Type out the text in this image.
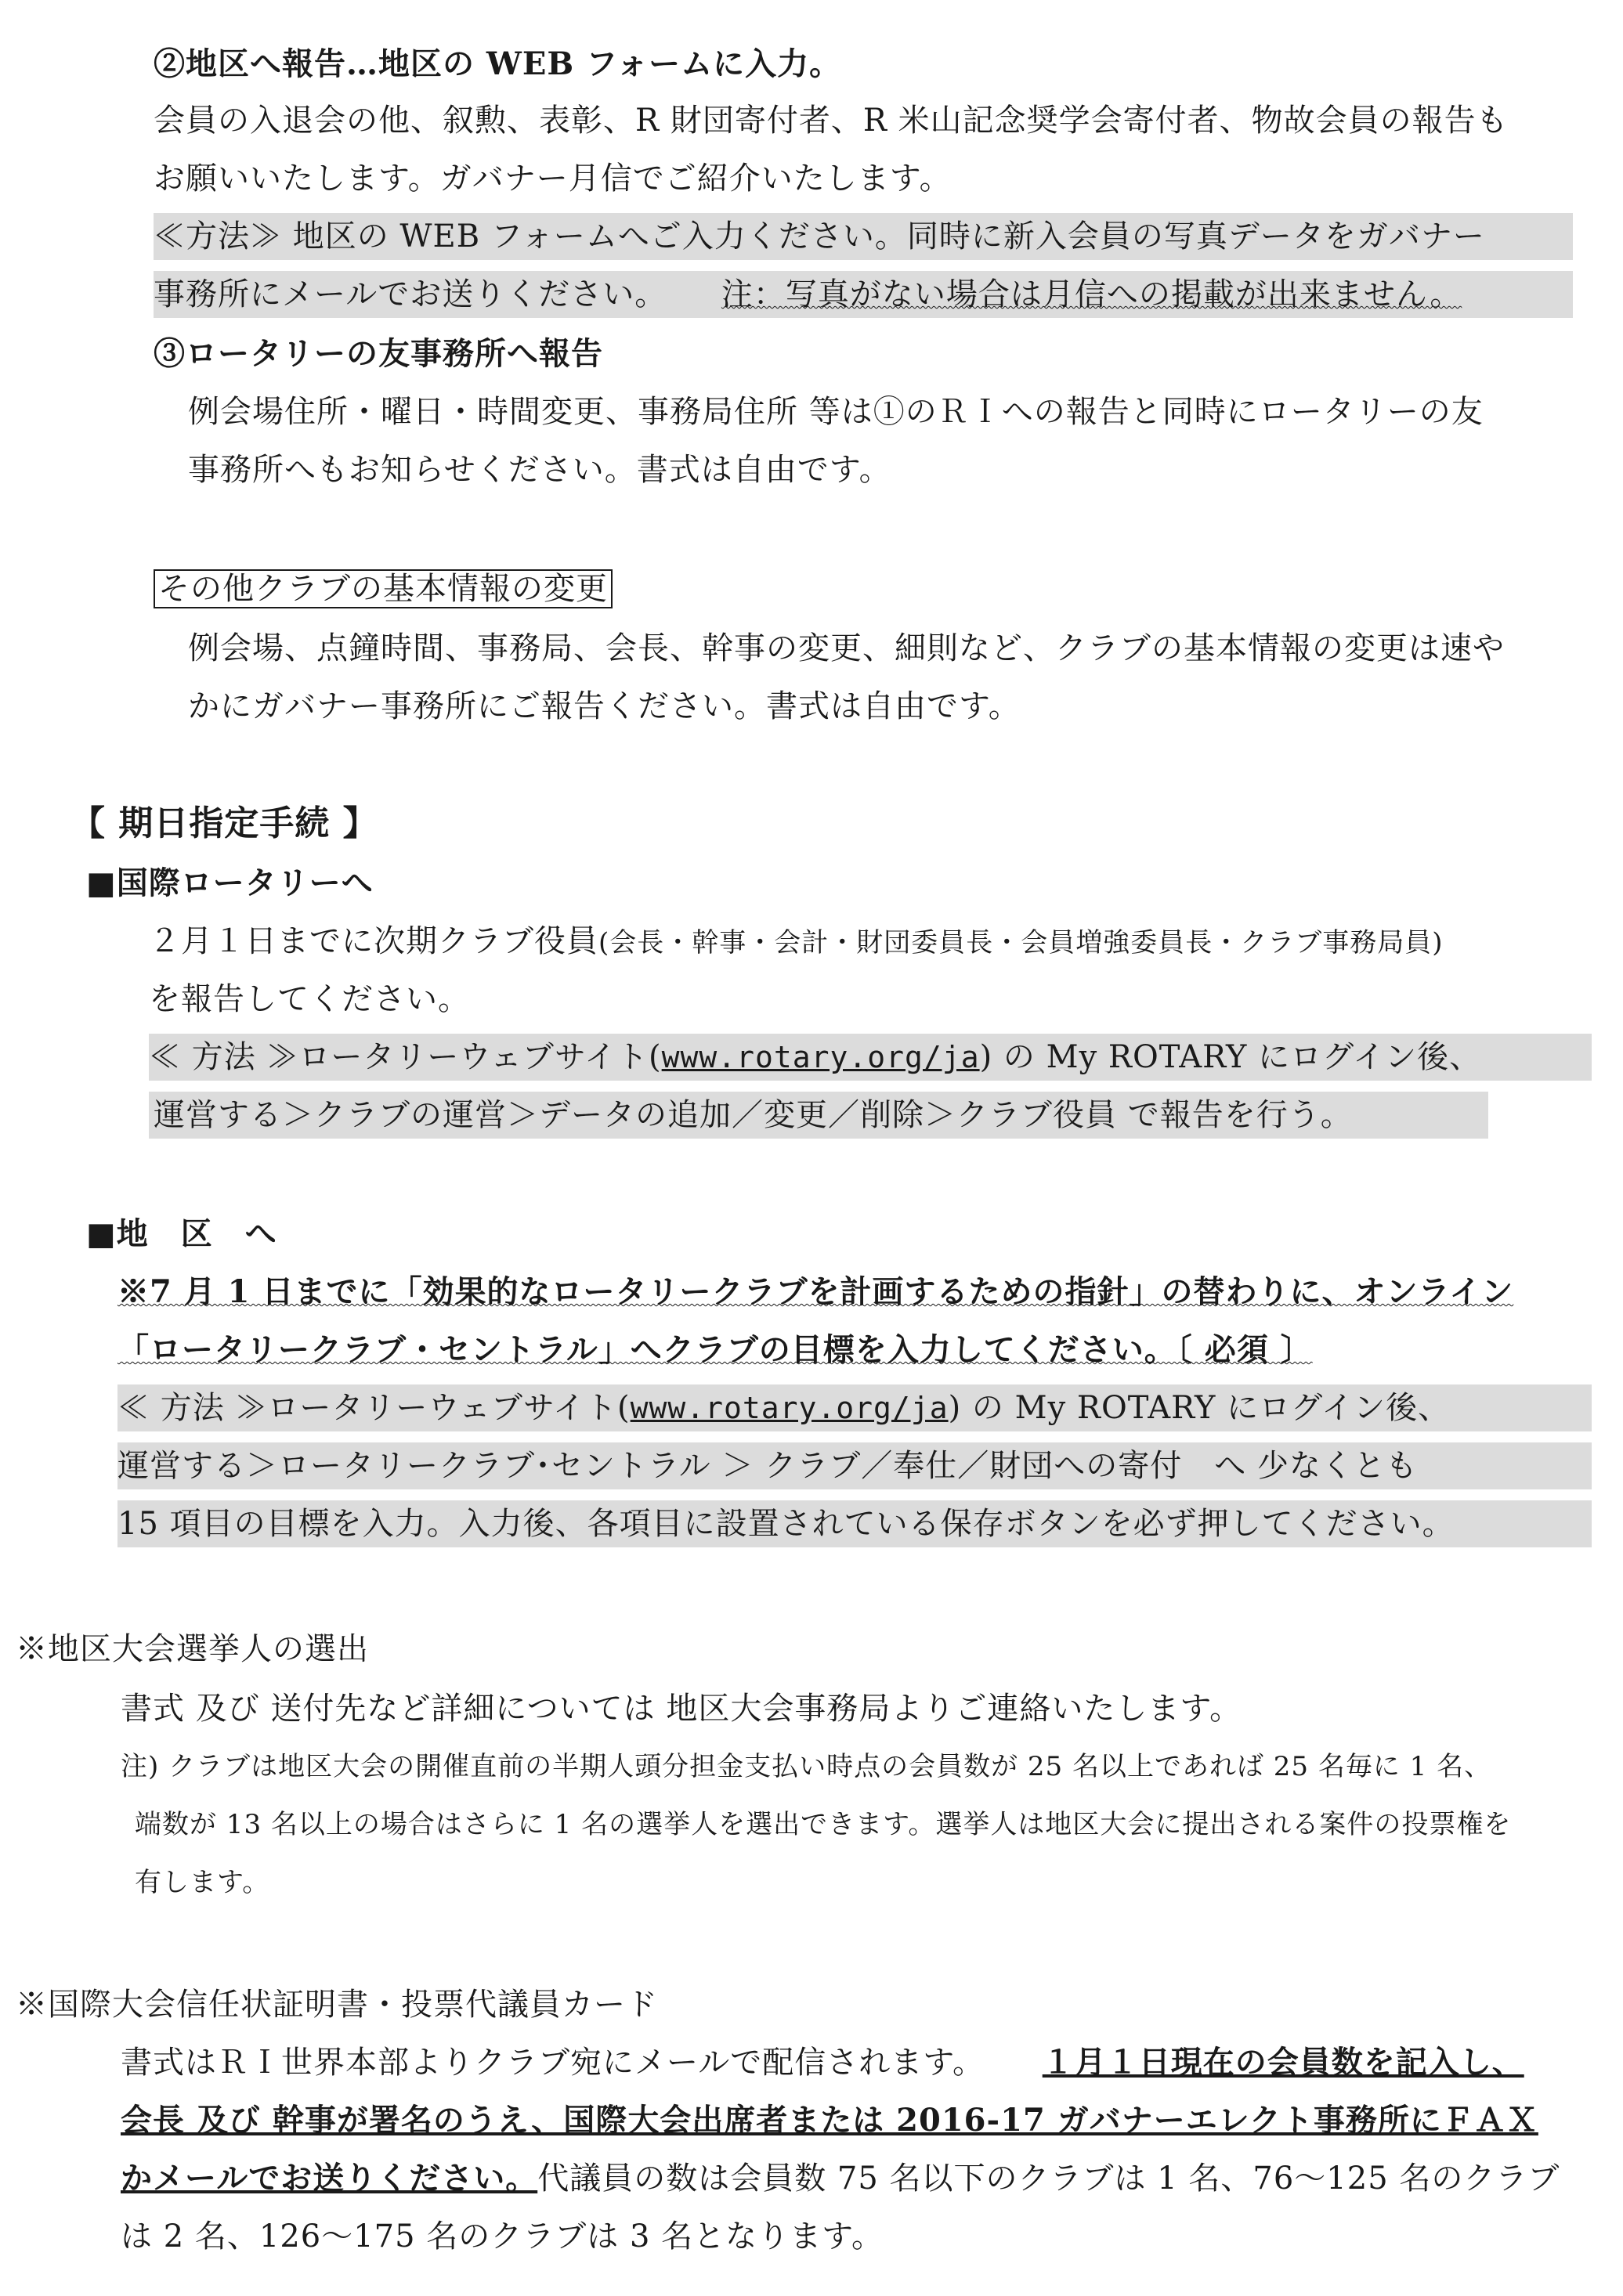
②地区へ報告…地区の WEB フォームに入力。
会員の入退会の他、叙勲、表彰、R 財団寄付者、R 米山記念奨学会寄付者、物故会員の報告も
お願いいたします。ガバナー月信でご紹介いたします。
≪方法≫ 地区の WEB フォームへご入力ください。同時に新入会員の写真データをガバナー
事務所にメールでお送りください。 注：写真がない場合は月信への掲載が出来ません。
③ロータリーの友事務所へ報告
例会場住所・曜日・時間変更、事務局住所 等は①のＲＩへの報告と同時にロータリーの友
事務所へもお知らせください。書式は自由です。
その他クラブの基本情報の変更
例会場、点鐘時間、事務局、会長、幹事の変更、細則など、クラブの基本情報の変更は速や
かにガバナー事務所にご報告ください。書式は自由です。
【 期日指定手続 】
■国際ロータリーへ
２月１日までに次期クラブ役員(会長・幹事・会計・財団委員長・会員増強委員長・クラブ事務局員)
を報告してください。
≪ 方法 ≫ロータリーウェブサイト(www.rotary.org/ja) の My ROTARY にログイン後、
運営する＞クラブの運営＞データの追加／変更／削除＞クラブ役員 で報告を行う。
■地　区　へ
※7 月 1 日までに「効果的なロータリークラブを計画するための指針」の替わりに、オンライン
「ロータリークラブ・セントラル」へクラブの目標を入力してください。〔 必須 〕
≪ 方法 ≫ロータリーウェブサイト(www.rotary.org/ja) の My ROTARY にログイン後、
運営する＞ロータリークラブ･セントラル ＞ クラブ／奉仕／財団への寄付　へ 少なくとも
15 項目の目標を入力。入力後、各項目に設置されている保存ボタンを必ず押してください。
※地区大会選挙人の選出
書式 及び 送付先など詳細については 地区大会事務局よりご連絡いたします。
注) クラブは地区大会の開催直前の半期人頭分担金支払い時点の会員数が 25 名以上であれば 25 名毎に 1 名、
端数が 13 名以上の場合はさらに 1 名の選挙人を選出できます。選挙人は地区大会に提出される案件の投票権を
有します。
※国際大会信任状証明書・投票代議員カード
書式はＲＩ世界本部よりクラブ宛にメールで配信されます。 １月１日現在の会員数を記入し、
会長 及び 幹事が署名のうえ、国際大会出席者または 2016-17 ガバナーエレクト事務所にＦＡＸ
かメールでお送りください。代議員の数は会員数 75 名以下のクラブは 1 名、76～125 名のクラブ
は 2 名、126～175 名のクラブは 3 名となります。
